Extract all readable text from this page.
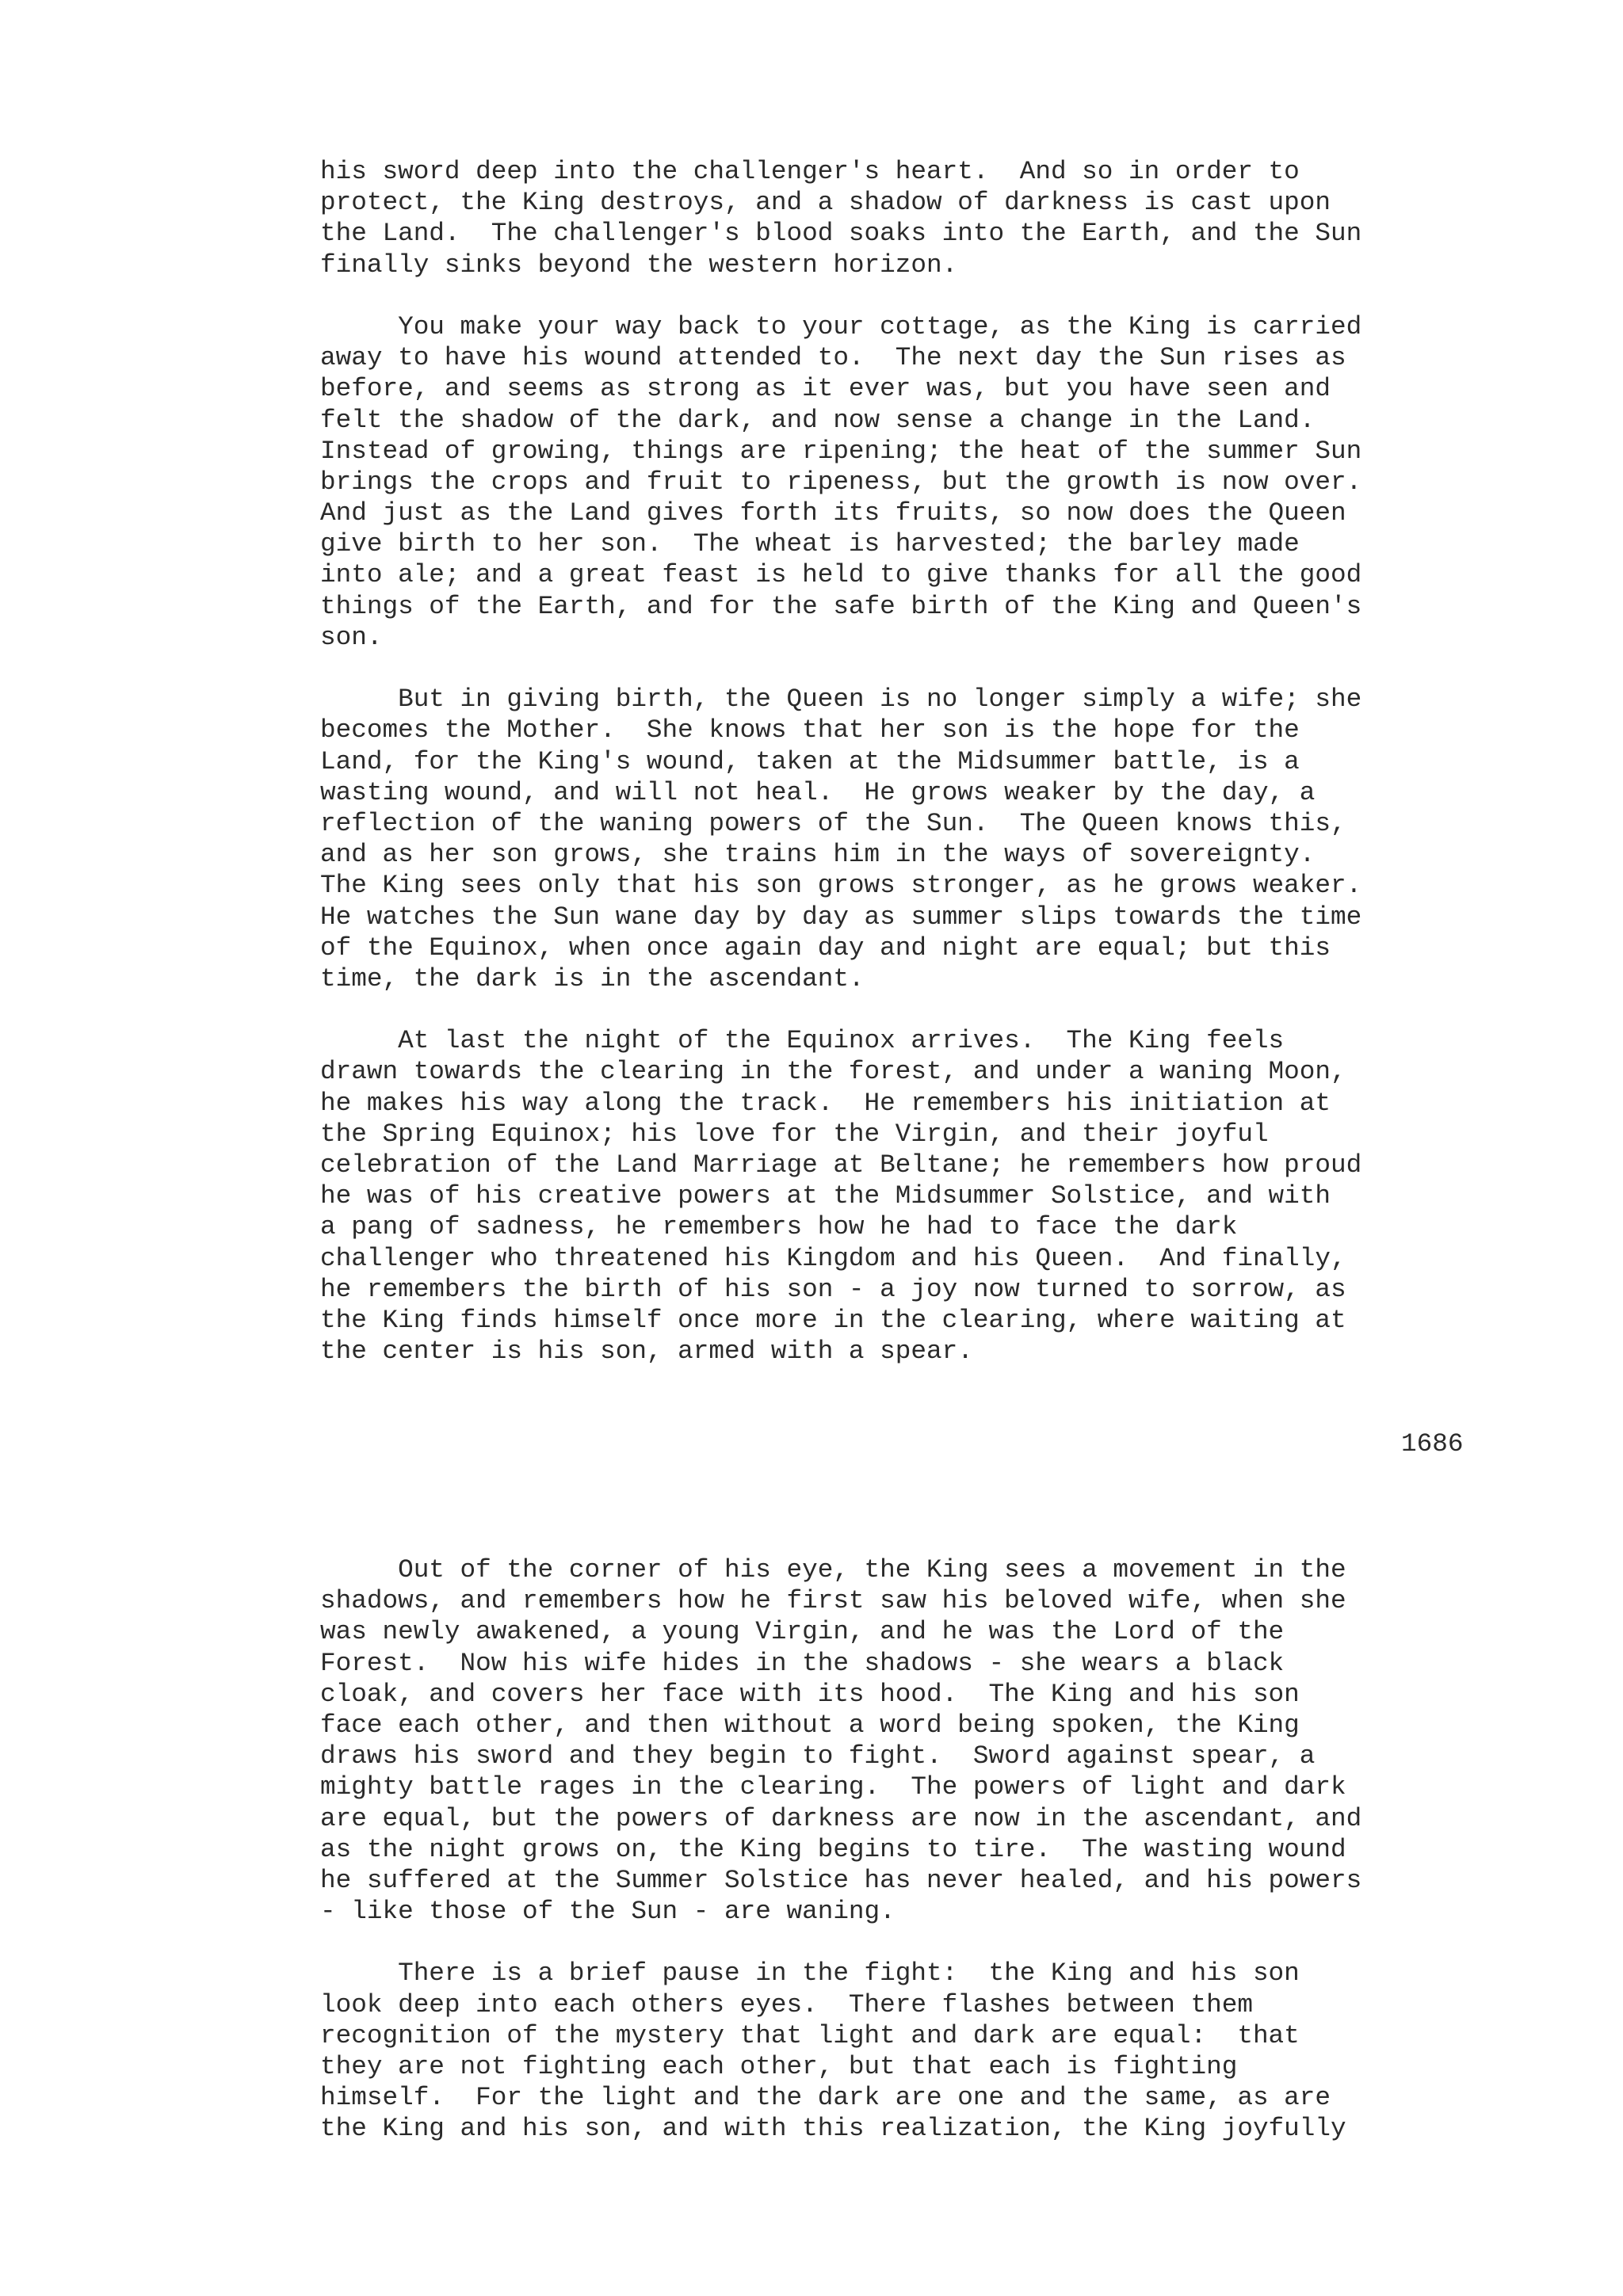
his sword deep into the challenger's heart.  And so in order to
protect, the King destroys, and a shadow of darkness is cast upon
the Land.  The challenger's blood soaks into the Earth, and the Sun
finally sinks beyond the western horizon.
You make your way back to your cottage, as the King is carried
away to have his wound attended to.  The next day the Sun rises as
before, and seems as strong as it ever was, but you have seen and
felt the shadow of the dark, and now sense a change in the Land.
Instead of growing, things are ripening; the heat of the summer Sun
brings the crops and fruit to ripeness, but the growth is now over.
And just as the Land gives forth its fruits, so now does the Queen
give birth to her son.  The wheat is harvested; the barley made
into ale; and a great feast is held to give thanks for all the good
things of the Earth, and for the safe birth of the King and Queen's
son.
But in giving birth, the Queen is no longer simply a wife; she
becomes the Mother.  She knows that her son is the hope for the
Land, for the King's wound, taken at the Midsummer battle, is a
wasting wound, and will not heal.  He grows weaker by the day, a
reflection of the waning powers of the Sun.  The Queen knows this,
and as her son grows, she trains him in the ways of sovereignty.
The King sees only that his son grows stronger, as he grows weaker.
He watches the Sun wane day by day as summer slips towards the time
of the Equinox, when once again day and night are equal; but this
time, the dark is in the ascendant.
At last the night of the Equinox arrives.  The King feels
drawn towards the clearing in the forest, and under a waning Moon,
he makes his way along the track.  He remembers his initiation at
the Spring Equinox; his love for the Virgin, and their joyful
celebration of the Land Marriage at Beltane; he remembers how proud
he was of his creative powers at the Midsummer Solstice, and with
a pang of sadness, he remembers how he had to face the dark
challenger who threatened his Kingdom and his Queen.  And finally,
he remembers the birth of his son - a joy now turned to sorrow, as
the King finds himself once more in the clearing, where waiting at
the center is his son, armed with a spear.
1686
Out of the corner of his eye, the King sees a movement in the
shadows, and remembers how he first saw his beloved wife, when she
was newly awakened, a young Virgin, and he was the Lord of the
Forest.  Now his wife hides in the shadows - she wears a black
cloak, and covers her face with its hood.  The King and his son
face each other, and then without a word being spoken, the King
draws his sword and they begin to fight.  Sword against spear, a
mighty battle rages in the clearing.  The powers of light and dark
are equal, but the powers of darkness are now in the ascendant, and
as the night grows on, the King begins to tire.  The wasting wound
he suffered at the Summer Solstice has never healed, and his powers
- like those of the Sun - are waning.
There is a brief pause in the fight:  the King and his son
look deep into each others eyes.  There flashes between them
recognition of the mystery that light and dark are equal:  that
they are not fighting each other, but that each is fighting
himself.  For the light and the dark are one and the same, as are
the King and his son, and with this realization, the King joyfully
